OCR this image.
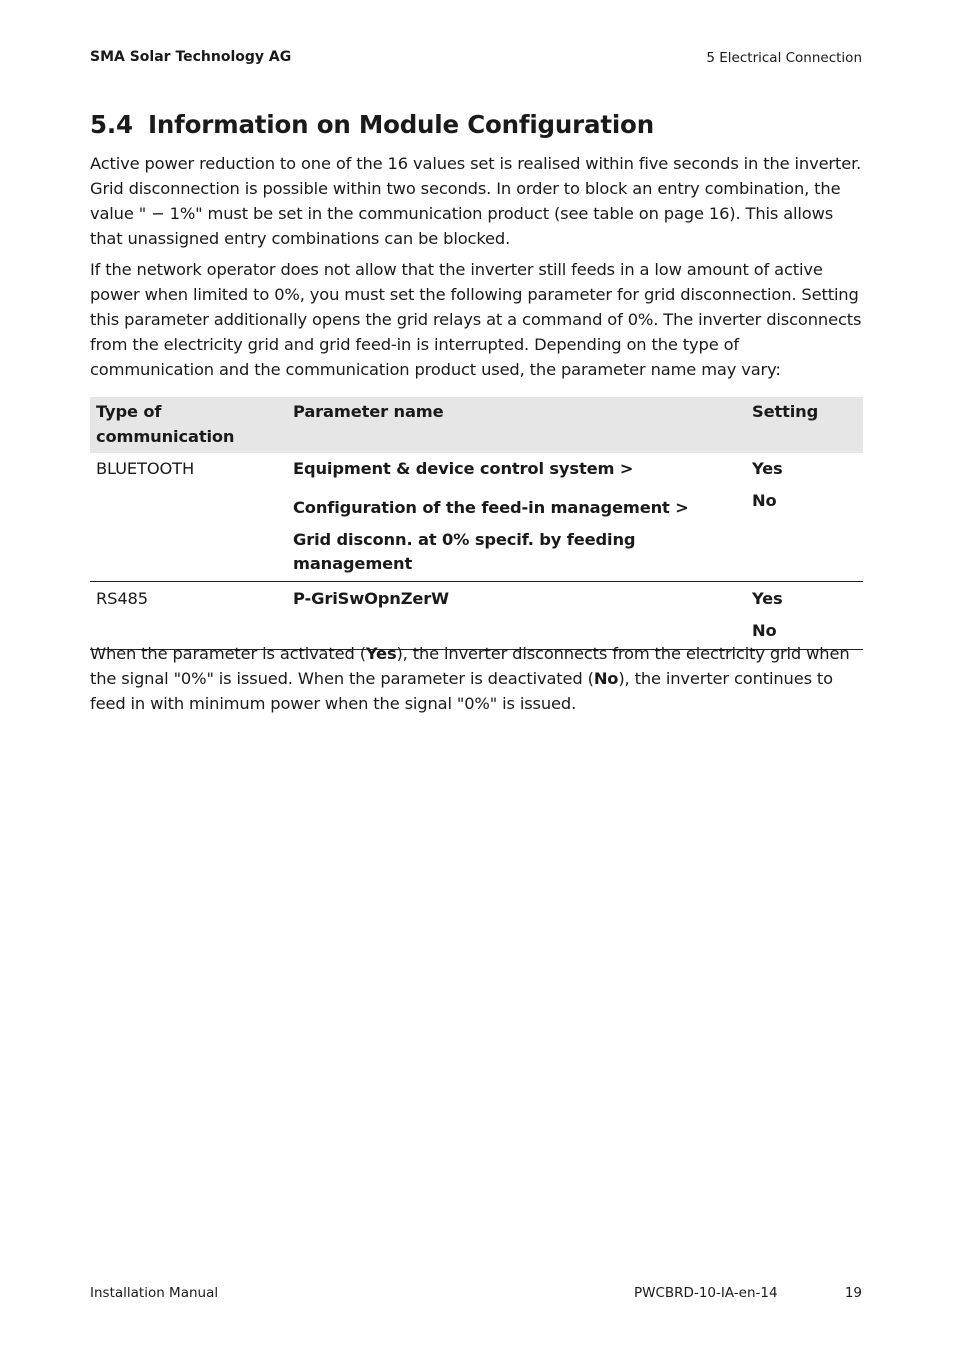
SMA Solar Technology AG	5 Electrical Connection
5.4 Information on Module Configuration

Active power reduction to one of the 16 values set is realised within five seconds in the inverter. Grid disconnection is possible within two seconds. In order to block an entry combination, the value " − 1%" must be set in the communication product (see table on page 16). This allows that unassigned entry combinations can be blocked.

If the network operator does not allow that the inverter still feeds in a low amount of active power when limited to 0%, you must set the following parameter for grid disconnection. Setting this parameter additionally opens the grid relays at a command of 0%. The inverter disconnects from the electricity grid and grid feed-in is interrupted. Depending on the type of communication and the communication product used, the parameter name may vary:

Type of communication	Parameter name	Setting

BLUETOOTH	Equipment & device control system >
Configuration of the feed-in management >
Grid disconn. at 0% specif. by feeding management	Yes
No

RS485	P-GriSwOpnZerW	Yes
No

When the parameter is activated (Yes), the inverter disconnects from the electricity grid when the signal "0%" is issued. When the parameter is deactivated (No), the inverter continues to feed in with minimum power when the signal "0%" is issued.

Installation Manual	PWCBRD-10-IA-en-14	19
